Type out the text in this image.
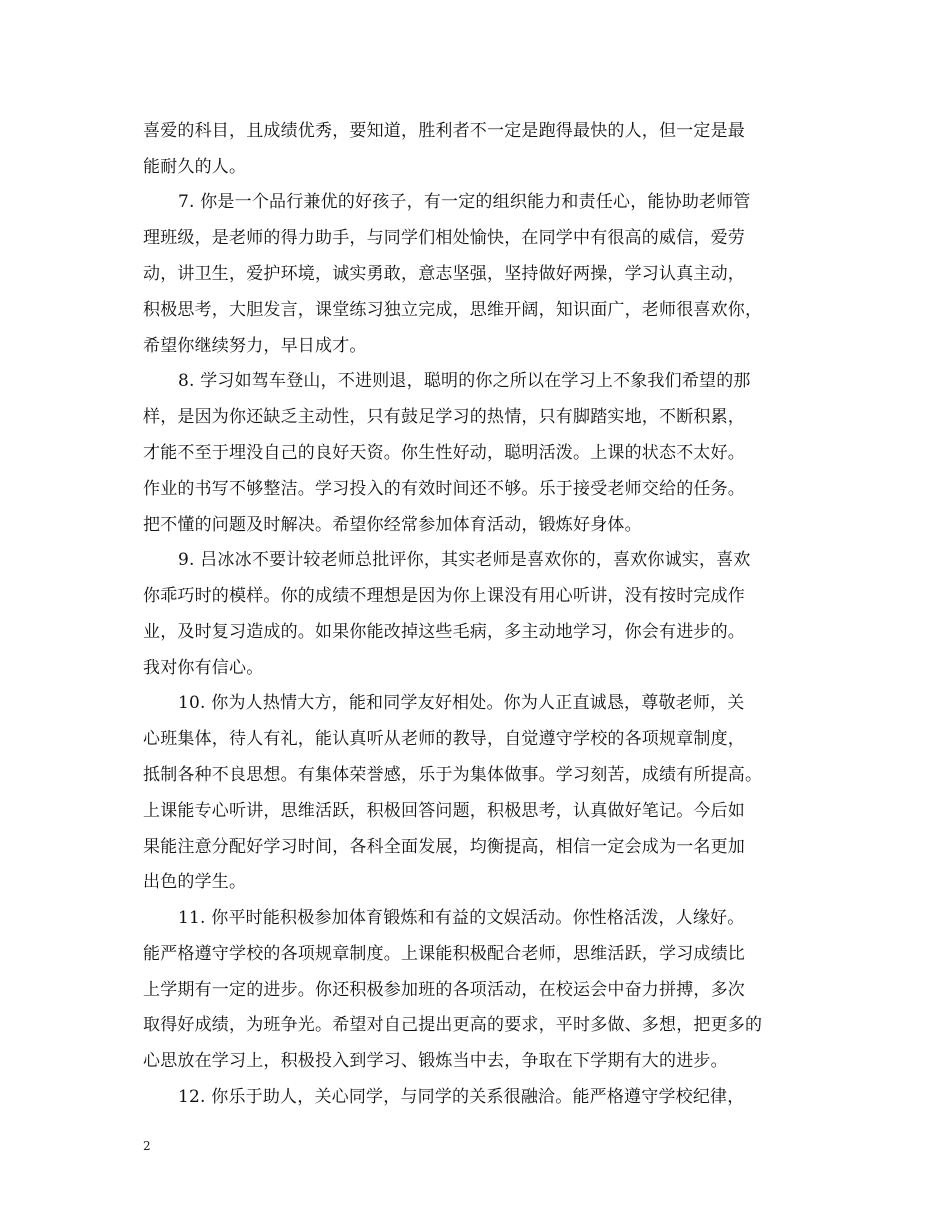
喜爱的科目，且成绩优秀，要知道，胜利者不一定是跑得最快的人，但一定是最
能耐久的人。
7. 你是一个品行兼优的好孩子，有一定的组织能力和责任心，能协助老师管
理班级，是老师的得力助手，与同学们相处愉快，在同学中有很高的威信，爱劳
动，讲卫生，爱护环境，诚实勇敢，意志坚强，坚持做好两操，学习认真主动，
积极思考，大胆发言，课堂练习独立完成，思维开阔，知识面广，老师很喜欢你，
希望你继续努力，早日成才。
8. 学习如驾车登山，不进则退，聪明的你之所以在学习上不象我们希望的那
样，是因为你还缺乏主动性，只有鼓足学习的热情，只有脚踏实地，不断积累，
才能不至于埋没自己的良好天资。你生性好动，聪明活泼。上课的状态不太好。
作业的书写不够整洁。学习投入的有效时间还不够。乐于接受老师交给的任务。
把不懂的问题及时解决。希望你经常参加体育活动，锻炼好身体。
9. 吕冰冰不要计较老师总批评你，其实老师是喜欢你的，喜欢你诚实，喜欢
你乖巧时的模样。你的成绩不理想是因为你上课没有用心听讲，没有按时完成作
业，及时复习造成的。如果你能改掉这些毛病，多主动地学习，你会有进步的。
我对你有信心。
10. 你为人热情大方，能和同学友好相处。你为人正直诚恳，尊敬老师，关
心班集体，待人有礼，能认真听从老师的教导，自觉遵守学校的各项规章制度，
抵制各种不良思想。有集体荣誉感，乐于为集体做事。学习刻苦，成绩有所提高。
上课能专心听讲，思维活跃，积极回答问题，积极思考，认真做好笔记。今后如
果能注意分配好学习时间，各科全面发展，均衡提高，相信一定会成为一名更加
出色的学生。
11. 你平时能积极参加体育锻炼和有益的文娱活动。你性格活泼，人缘好。
能严格遵守学校的各项规章制度。上课能积极配合老师，思维活跃，学习成绩比
上学期有一定的进步。你还积极参加班的各项活动，在校运会中奋力拼搏，多次
取得好成绩，为班争光。希望对自己提出更高的要求，平时多做、多想，把更多的
心思放在学习上，积极投入到学习、锻炼当中去，争取在下学期有大的进步。
12. 你乐于助人，关心同学，与同学的关系很融洽。能严格遵守学校纪律，
2
